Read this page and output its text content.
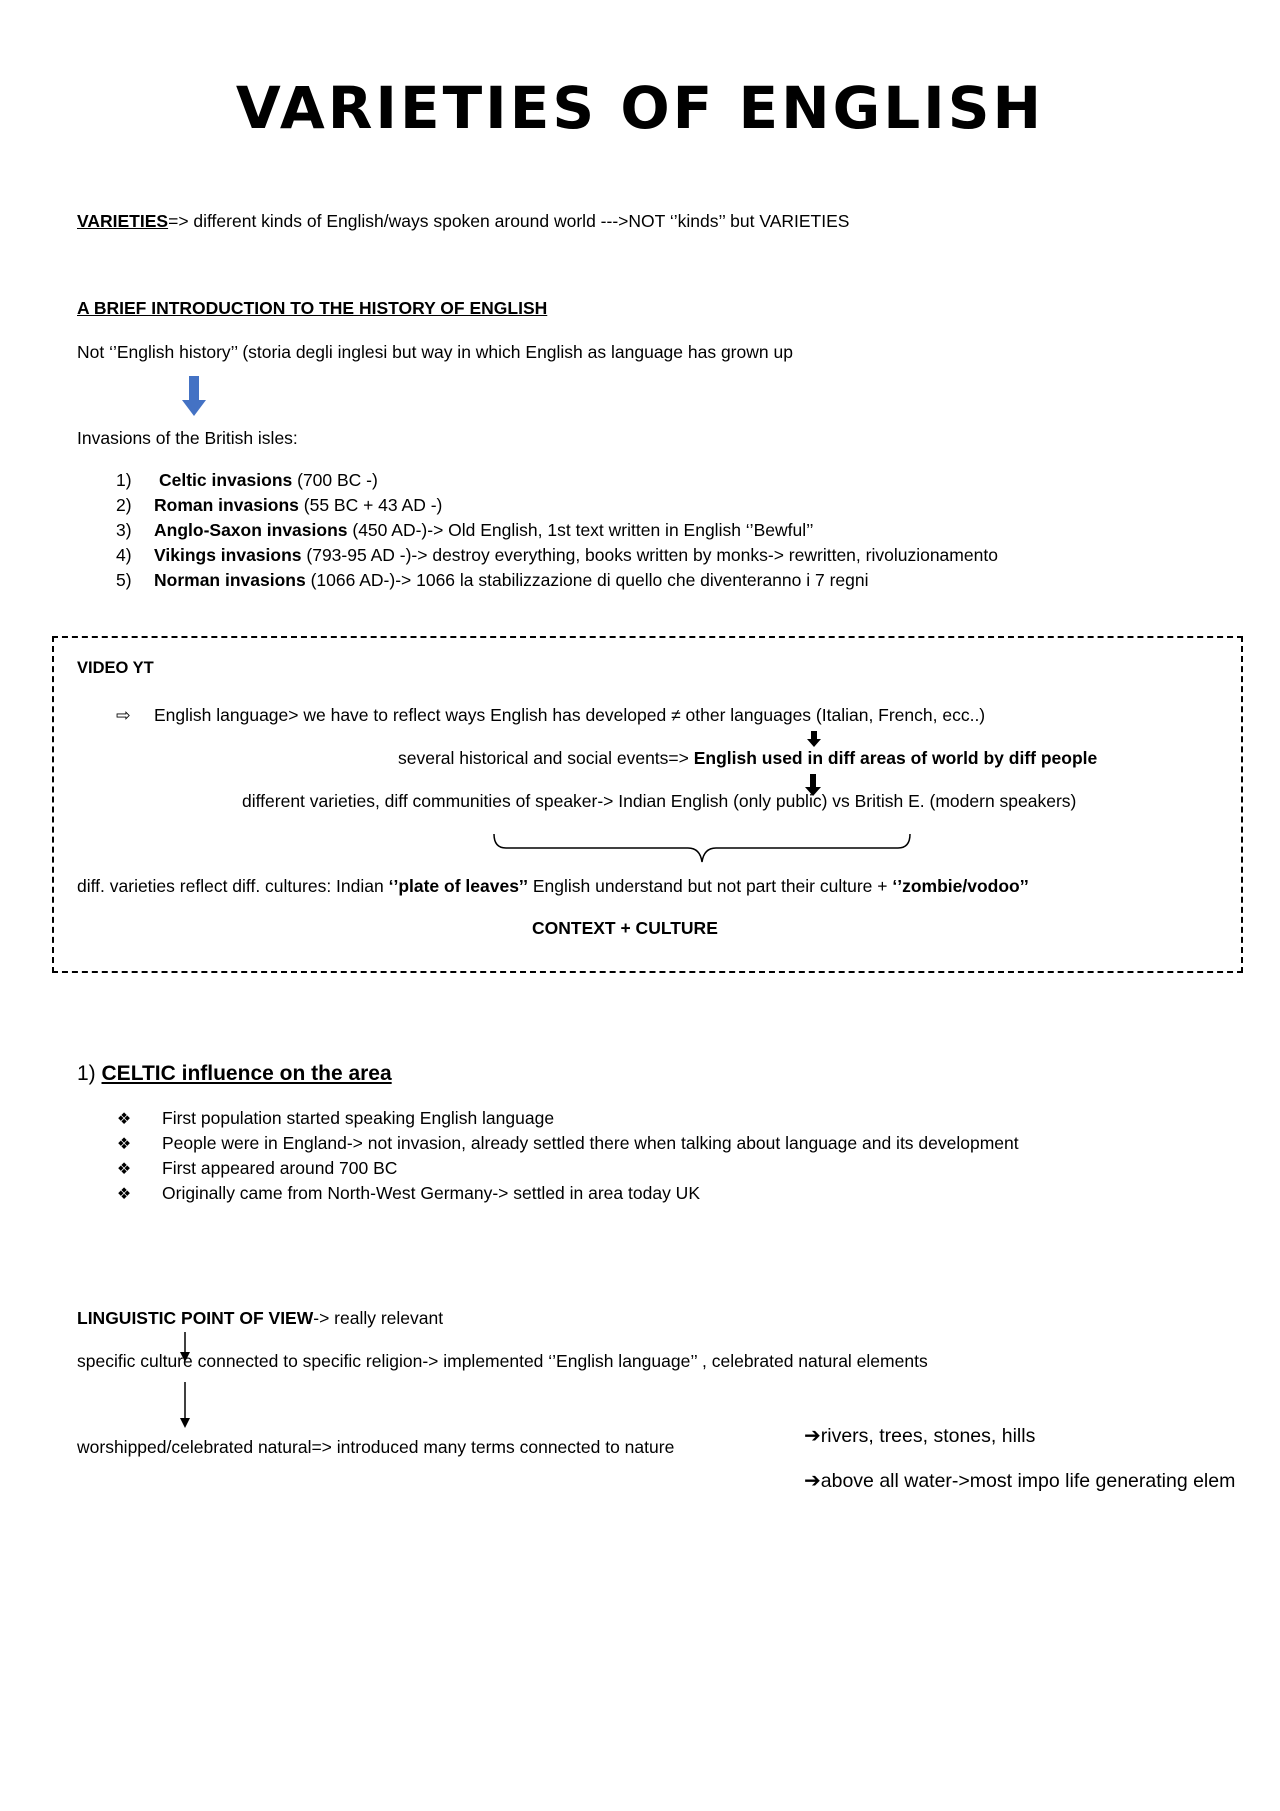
VARIETIES OF ENGLISH
VARIETIES=> different kinds of English/ways spoken around world --->NOT ‘’kinds’’ but VARIETIES
A BRIEF INTRODUCTION TO THE HISTORY OF ENGLISH
Not ‘’English history’’ (storia degli inglesi but way in which English as language has grown up
Invasions of the British isles:
1) Celtic invasions (700 BC -)
2) Roman invasions (55 BC + 43 AD -)
3) Anglo-Saxon invasions (450 AD-)-> Old English, 1st text written in English ‘’Bewful’’
4) Vikings invasions (793-95 AD -)-> destroy everything, books written by monks-> rewritten, rivoluzionamento
5) Norman invasions (1066 AD-)-> 1066 la stabilizzazione di quello che diventeranno i 7 regni
VIDEO YT
⇨ English language> we have to reflect ways English has developed ≠ other languages (Italian, French, ecc..)
several historical and social events=> English used in diff areas of world by diff people
different varieties, diff communities of speaker-> Indian English (only public) vs British E. (modern speakers)
diff. varieties reflect diff. cultures: Indian ‘’plate of leaves’’ English understand but not part their culture + ‘’zombie/vodoo’’
CONTEXT + CULTURE
1) CELTIC influence on the area
❖ First population started speaking English language
❖ People were in England-> not invasion, already settled there when talking about language and its development
❖ First appeared around 700 BC
❖ Originally came from North-West Germany-> settled in area today UK
LINGUISTIC POINT OF VIEW-> really relevant
specific culture connected to specific religion-> implemented ‘’English language’’ , celebrated natural elements
worshipped/celebrated natural=> introduced many terms connected to nature	➔rivers, trees, stones, hills
➔above all water->most impo life generating elem
